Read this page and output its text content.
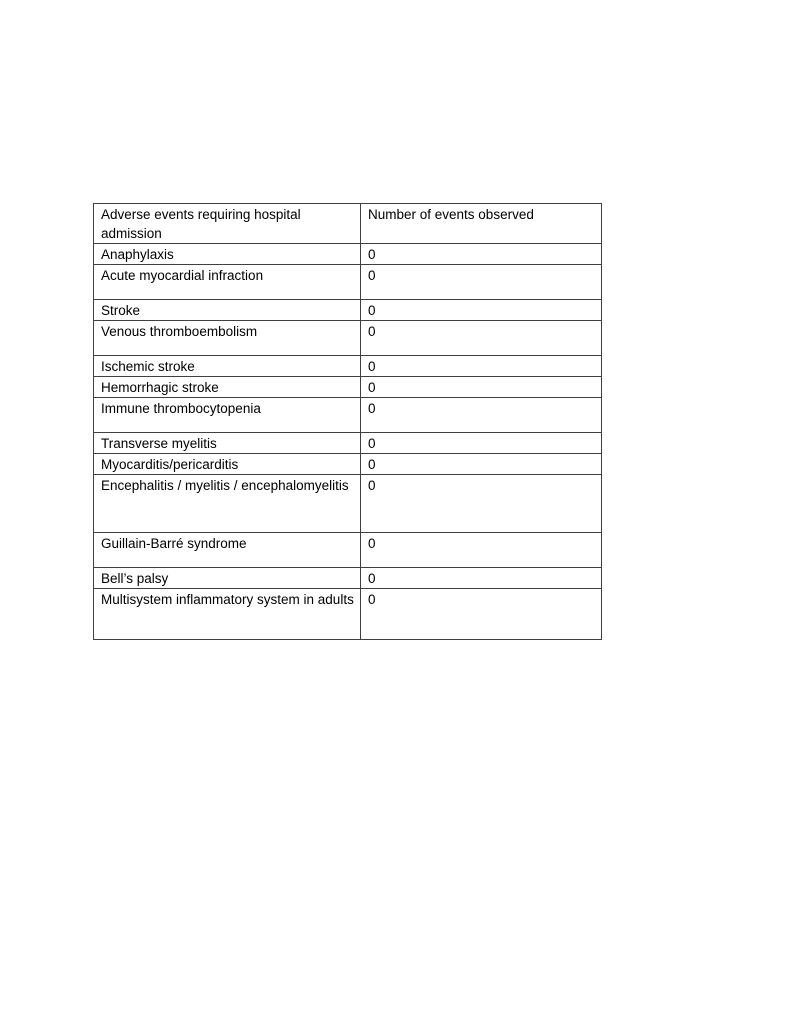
Adverse events requiring hospital admission	Number of events observed
Anaphylaxis	0
Acute myocardial infraction	0
Stroke	0
Venous thromboembolism	0
Ischemic stroke	0
Hemorrhagic stroke	0
Immune thrombocytopenia	0
Transverse myelitis	0
Myocarditis/pericarditis	0
Encephalitis / myelitis / encephalomyelitis	0
Guillain-Barré syndrome	0
Bell’s palsy	0
Multisystem inflammatory system in adults	0
